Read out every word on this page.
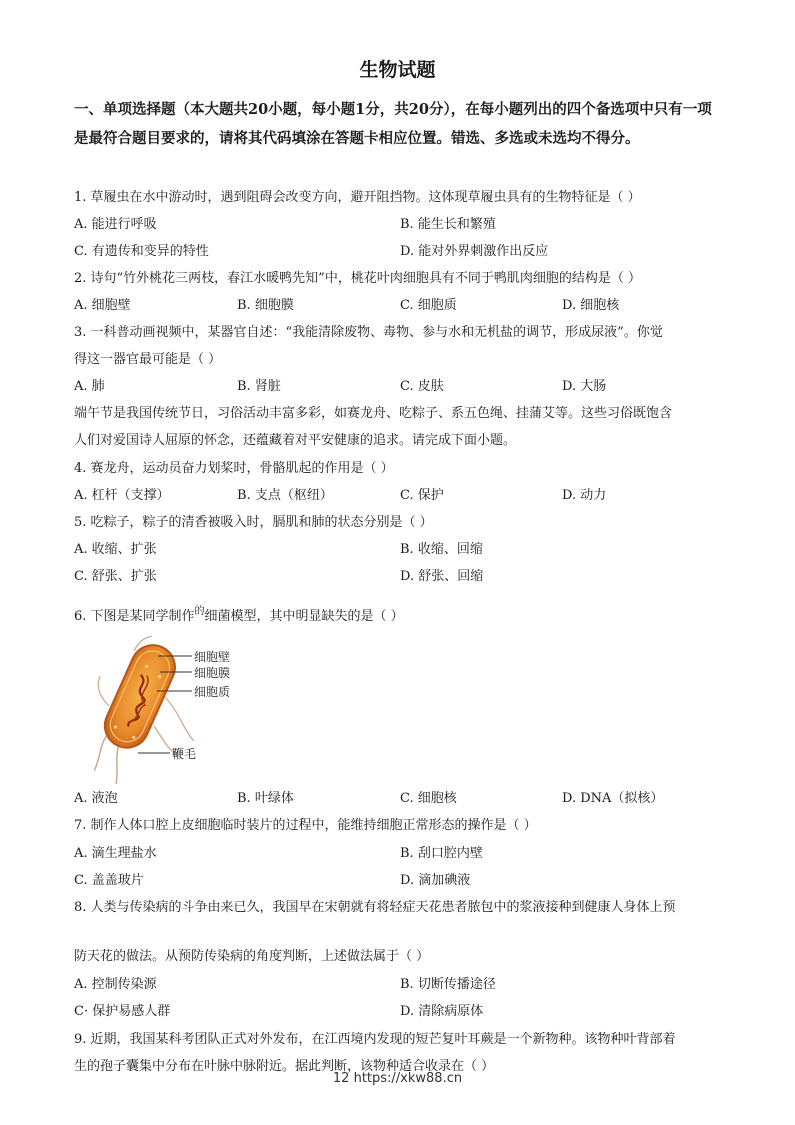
生物试题
一、单项选择题（本大题共20小题，每小题1分，共20分），在每小题列出的四个备选项中只有一项是最符合题目要求的，请将其代码填涂在答题卡相应位置。错选、多选或未选均不得分。
1. 草履虫在水中游动时，遇到阻碍会改变方向，避开阻挡物。这体现草履虫具有的生物特征是（ ）
A. 能进行呼吸	B. 能生长和繁殖
C. 有遗传和变异的特性	D. 能对外界刺激作出反应
2. 诗句“竹外桃花三两枝，春江水暖鸭先知”中，桃花叶肉细胞具有不同于鸭肌肉细胞的结构是（ ）
A. 细胞壁	B. 细胞膜	C. 细胞质	D. 细胞核
3. 一科普动画视频中，某器官自述：“我能清除废物、毒物、参与水和无机盐的调节，形成尿液”。你觉
得这一器官最可能是（ ）
A. 肺	B. 肾脏	C. 皮肤	D. 大肠
端午节是我国传统节日，习俗活动丰富多彩，如赛龙舟、吃粽子、系五色绳、挂蒲艾等。这些习俗既饱含
人们对爱国诗人屈原的怀念，还蕴藏着对平安健康的追求。请完成下面小题。
4. 赛龙舟，运动员奋力划桨时，骨骼肌起的作用是（ ）
A. 杠杆（支撑）	B. 支点（枢纽）	C. 保护	D. 动力
5. 吃粽子，粽子的清香被吸入时，膈肌和肺的状态分别是（ ）
A. 收缩、扩张	B. 收缩、回缩
C. 舒张、扩张	D. 舒张、回缩
6. 下图是某同学制作$^的$细菌模型，其中明显缺失的是（ ）
细胞壁
细胞膜
细胞质
鞭毛
A. 液泡	B. 叶绿体	C. 细胞核	D. DNA（拟核）
7. 制作人体口腔上皮细胞临时装片的过程中，能维持细胞正常形态的操作是（ ）
A. 滴生理盐水	B. 刮口腔内壁
C. 盖盖玻片	D. 滴加碘液
8. 人类与传染病的斗争由来已久，我国早在宋朝就有将轻症天花患者脓包中的浆液接种到健康人身体上预
防天花的做法。从预防传染病的角度判断，上述做法属于（ ）
A. 控制传染源	B. 切断传播途径
C· 保护易感人群	D. 清除病原体
9. 近期，我国某科考团队正式对外发布，在江西境内发现的短芒复叶耳蕨是一个新物种。该物种叶背部着
生的孢子囊集中分布在叶脉中脉附近。据此判断，该物种适合收录在（ ）
12 https://xkw88.cn
